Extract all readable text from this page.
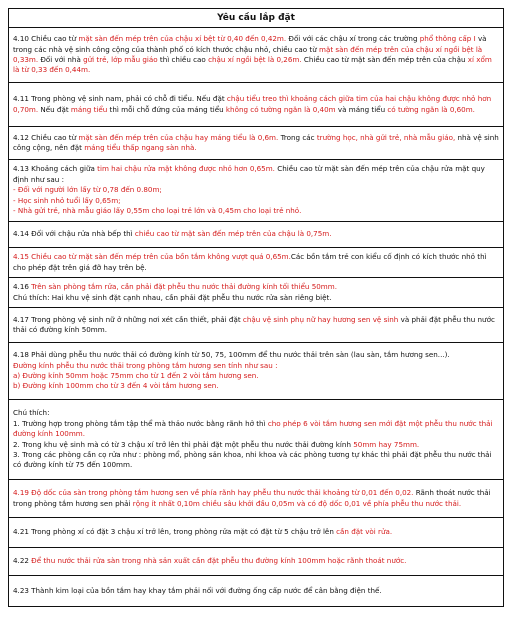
Yêu cầu lắp đặt

4.10 Chiều cao từ mặt sàn đến mép trên của chậu xí bệt từ 0,40 đến 0,42m. Đối với các chậu xí trong các trường phổ thông cấp I và trong các nhà vệ sinh công cộng của thành phố có kích thước chậu nhỏ, chiều cao từ mặt sàn đến mép trên của chậu xí ngồi bệt là 0,33m. Đối với nhà gửi trẻ, lớp mẫu giáo thì chiều cao chậu xí ngồi bệt là 0,26m. Chiều cao từ mặt sàn đến mép trên của chậu xí xổm là từ 0,33 đến 0,44m.

4.11 Trong phòng vệ sinh nam, phải có chỗ đi tiểu. Nếu đặt chậu tiểu treo thì khoảng cách giữa tim của hai chậu không được nhỏ hơn 0,70m. Nếu đặt máng tiểu thì mỗi chỗ đứng của máng tiểu không có tường ngăn là 0,40m và máng tiểu có tường ngăn là 0,60m.

4.12 Chiều cao từ mặt sàn đến mép trên của chậu hay máng tiểu là 0,6m. Trong các trường học, nhà gửi trẻ, nhà mẫu giáo, nhà vệ sinh công cộng, nên đặt máng tiểu thấp ngang sàn nhà.

4.13 Khoảng cách giữa tim hai chậu rửa mặt không được nhỏ hơn 0,65m. Chiều cao từ mặt sàn đến mép trên của chậu rửa mặt quy định như sau :

- Đối với người lớn lấy từ 0,78 đến 0.80m;

- Học sinh nhỏ tuổi lấy 0,65m;

- Nhà gửi trẻ, nhà mẫu giáo lấy 0,55m cho loại trẻ lớn và 0,45m cho loại trẻ nhỏ.

4.14 Đối với chậu rửa nhà bếp thì chiều cao từ mặt sàn đến mép trên của chậu là 0,75m.

4.15 Chiều cao từ mặt sàn đến mép trên của bồn tắm không vượt quá 0,65m.Các bồn tắm trẻ con kiểu cố định có kích thước nhỏ thì cho phép đặt trên giá đỡ hay trên bệ.

4.16 Trên sàn phòng tắm rửa, cần phải đặt phễu thu nước thải đường kính tối thiểu 50mm.

Chú thích: Hai khu vệ sinh đặt cạnh nhau, cần phải đặt phễu thu nước rửa sàn riêng biệt.

4.17 Trong phòng vệ sinh nữ ở những nơi xét cần thiết, phải đặt chậu vệ sinh phụ nữ hay hương sen vệ sinh và phải đặt phễu thu nước thải có đường kính 50mm.

4.18 Phải dùng phễu thu nước thải có đường kính từ 50, 75, 100mm để thu nước thải trên sàn (lau sàn, tắm hương sen...).

Đường kính phễu thu nước thải trong phòng tắm hương sen tính như sau :

a) Đường kính 50mm hoặc 75mm cho từ 1 đến 2 vòi tắm hương sen.

b) Đường kính 100mm cho từ 3 đến 4 vòi tắm hương sen.

Chú thích:

1. Trường hợp trong phòng tắm tập thể mà thảo nước bằng rãnh hở thì cho phép 6 vòi tắm hương sen mới đặt một phễu thu nước thải đường kính 100mm.

2. Trong khu vệ sinh mà có từ 3 chậu xí trở lên thì phải đặt một phễu thu nước thải đường kính 50mm hay 75mm.

3. Trong các phòng cần cọ rửa như : phòng mổ, phòng sản khoa, nhi khoa và các phòng tương tự khác thì phải đặt phễu thu nước thải có đường kính từ 75 đến 100mm.

4.19 Độ dốc của sàn trong phòng tắm hương sen về phía rãnh hay phễu thu nước thải khoảng từ 0,01 đến 0,02. Rãnh thoát nước thải trong phòng tắm hương sen phải rộng ít nhất 0,10m chiều sâu khởi đầu 0,05m và có độ dốc 0,01 về phía phễu thu nước thải.

4.21 Trong phòng xí có đặt 3 chậu xí trở lên, trong phòng rửa mặt có đặt từ 5 chậu trở lên cần đặt vòi rửa.

4.22 Để thu nước thải rửa sàn trong nhà sản xuất cần đặt phễu thu đường kính 100mm hoặc rãnh thoát nước.

4.23 Thành kim loại của bồn tắm hay khay tắm phải nối với đường ống cấp nước để cân bằng điện thế.
